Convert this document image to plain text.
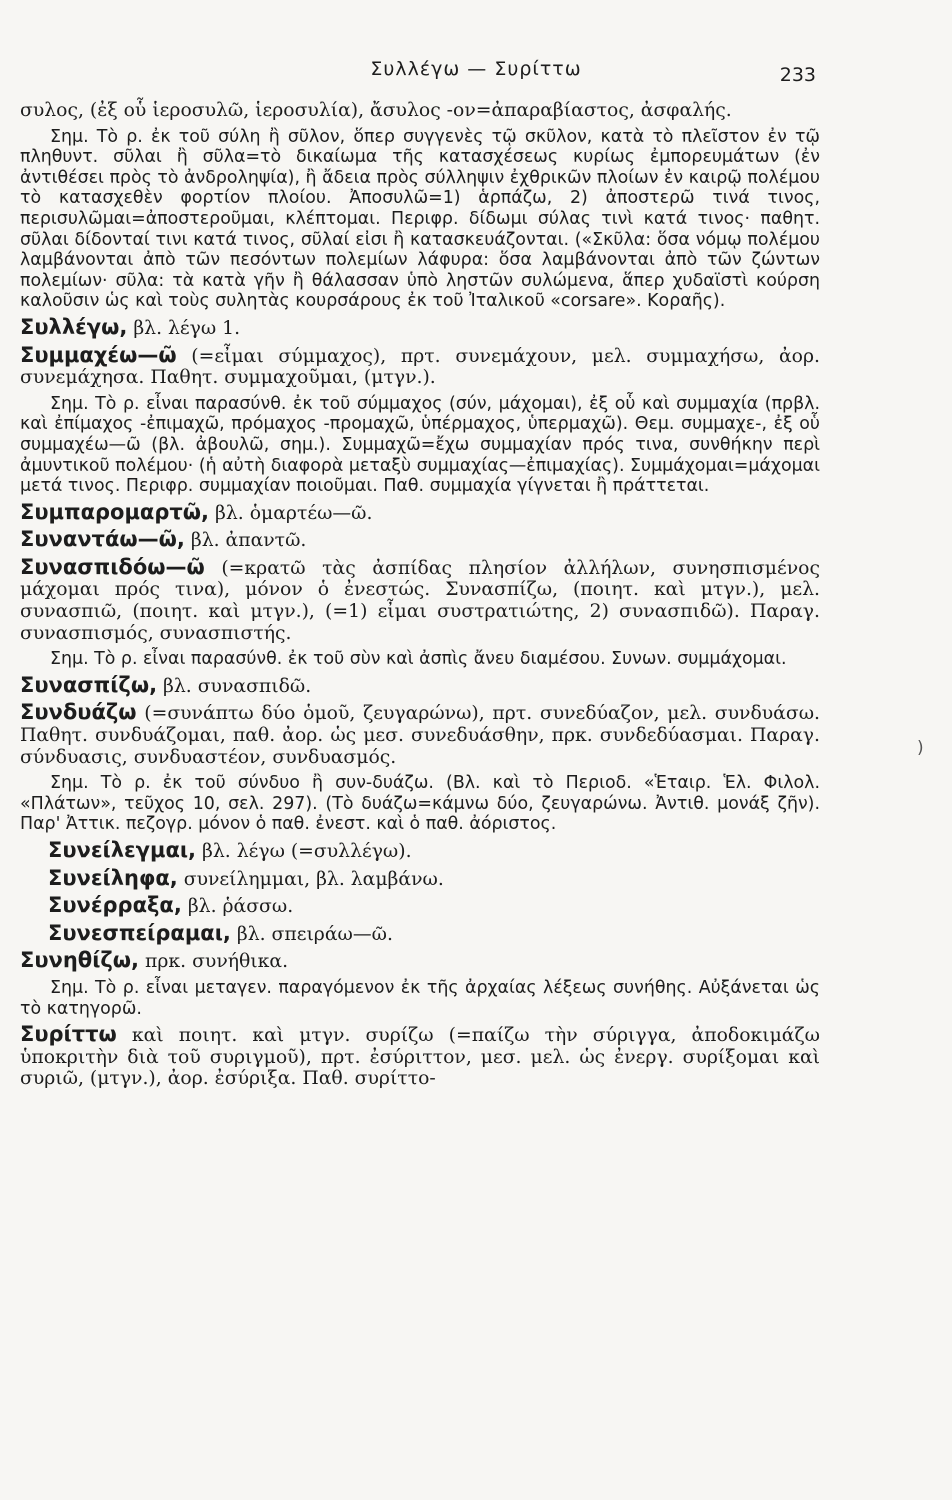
Συλλέγω — Συρίττω	233
συλος, (ἐξ οὗ ἱεροσυλῶ, ἱεροσυλία), ἄσυλος -ον=ἀπαραβίαστος, ἀσφαλής.
Σημ. Τὸ ρ. ἐκ τοῦ σύλη ἢ σῦλον, ὅπερ συγγενὲς τῷ σκῦλον, κατὰ τὸ πλεῖστον ἐν τῷ πληθυντ. σῦλαι ἢ σῦλα=τὸ δικαίωμα τῆς κατασχέσεως κυρίως ἐμπορευμάτων (ἐν ἀντιθέσει πρὸς τὸ ἀνδροληψία), ἢ ἄδεια πρὸς σύλληψιν ἐχθρικῶν πλοίων ἐν καιρῷ πολέμου τὸ κατασχεθὲν φορτίον πλοίου. Ἀποσυλῶ=1) ἁρπάζω, 2) ἀποστερῶ τινά τινος, περισυλῶμαι=ἀποστεροῦμαι, κλέπτομαι. Περιφρ. δίδωμι σύλας τινὶ κατά τινος· παθητ. σῦλαι δίδονταί τινι κατά τινος, σῦλαί εἰσι ἢ κατασκευάζονται. («Σκῦλα: ὅσα νόμῳ πολέμου λαμβάνονται ἀπὸ τῶν πεσόντων πολεμίων λάφυρα: ὅσα λαμβάνονται ἀπὸ τῶν ζώντων πολεμίων· σῦλα: τὰ κατὰ γῆν ἢ θάλασσαν ὑπὸ ληστῶν συλώμενα, ἅπερ χυδαϊστὶ κούρση καλοῦσιν ὡς καὶ τοὺς συλητὰς κουρσάρους ἐκ τοῦ Ἰταλικοῦ «corsare». Κοραῆς).
Συλλέγω, βλ. λέγω 1.
Συμμαχέω—ῶ (=εἶμαι σύμμαχος), πρτ. συνεμάχουν, μελ. συμμαχήσω, ἀορ. συνεμάχησα. Παθητ. συμμαχοῦμαι, (μτγν.).
Σημ. Τὸ ρ. εἶναι παρασύνθ. ἐκ τοῦ σύμμαχος (σύν, μάχομαι), ἐξ οὗ καὶ συμμαχία (πρβλ. καὶ ἐπίμαχος -ἐπιμαχῶ, πρόμαχος -προμαχῶ, ὑπέρμαχος, ὑπερμαχῶ). Θεμ. συμμαχε-, ἐξ οὗ συμμαχέω—ῶ (βλ. ἀβουλῶ, σημ.). Συμμαχῶ=ἔχω συμμαχίαν πρός τινα, συνθήκην περὶ ἀμυντικοῦ πολέμου· (ἡ αὐτὴ διαφορὰ μεταξὺ συμμαχίας—ἐπιμαχίας). Συμμάχομαι=μάχομαι μετά τινος. Περιφρ. συμμαχίαν ποιοῦμαι. Παθ. συμμαχία γίγνεται ἢ πράττεται.
Συμπαρομαρτῶ, βλ. ὁμαρτέω—ῶ.
Συναντάω—ῶ, βλ. ἀπαντῶ.
Συνασπιδόω—ῶ (=κρατῶ τὰς ἀσπίδας πλησίον ἀλλήλων, συνησπισμένος μάχομαι πρός τινα), μόνον ὁ ἐνεστώς. Συνασπίζω, (ποιητ. καὶ μτγν.), μελ. συνασπιῶ, (ποιητ. καὶ μτγν.), (=1) εἶμαι συστρατιώτης, 2) συνασπιδῶ). Παραγ. συνασπισμός, συνασπιστής.
Σημ. Τὸ ρ. εἶναι παρασύνθ. ἐκ τοῦ σὺν καὶ ἀσπὶς ἄνευ διαμέσου. Συνων. συμμάχομαι.
Συνασπίζω, βλ. συνασπιδῶ.
Συνδυάζω (=συνάπτω δύο ὁμοῦ, ζευγαρώνω), πρτ. συνεδύαζον, μελ. συνδυάσω. Παθητ. συνδυάζομαι, παθ. ἀορ. ὡς μεσ. συνεδυάσθην, πρκ. συνδεδύασμαι. Παραγ. σύνδυασις, συνδυαστέον, συνδυασμός.
Σημ. Τὸ ρ. ἐκ τοῦ σύνδυο ἢ συν-δυάζω. (Βλ. καὶ τὸ Περιοδ. «Ἑταιρ. Ἑλ. Φιλολ. «Πλάτων», τεῦχος 10, σελ. 297). (Τὸ δυάζω=κάμνω δύο, ζευγαρώνω. Ἀντιθ. μονάξ ζῆν). Παρ' Ἀττικ. πεζογρ. μόνον ὁ παθ. ἐνεστ. καὶ ὁ παθ. ἀόριστος.
Συνείλεγμαι, βλ. λέγω (=συλλέγω).
Συνείληφα, συνείλημμαι, βλ. λαμβάνω.
Συνέρραξα, βλ. ῥάσσω.
Συνεσπείραμαι, βλ. σπειράω—ῶ.
Συνηθίζω, πρκ. συνήθικα.
Σημ. Τὸ ρ. εἶναι μεταγεν. παραγόμενον ἐκ τῆς ἀρχαίας λέξεως συνήθης. Αὐξάνεται ὡς τὸ κατηγορῶ.
Συρίττω καὶ ποιητ. καὶ μτγν. συρίζω (=παίζω τὴν σύριγγα, ἀποδοκιμάζω ὑποκριτὴν διὰ τοῦ συριγμοῦ), πρτ. ἐσύριττον, μεσ. μελ. ὡς ἐνεργ. συρίξομαι καὶ συριῶ, (μτγν.), ἀορ. ἐσύριξα. Παθ. συρίττο-
)
